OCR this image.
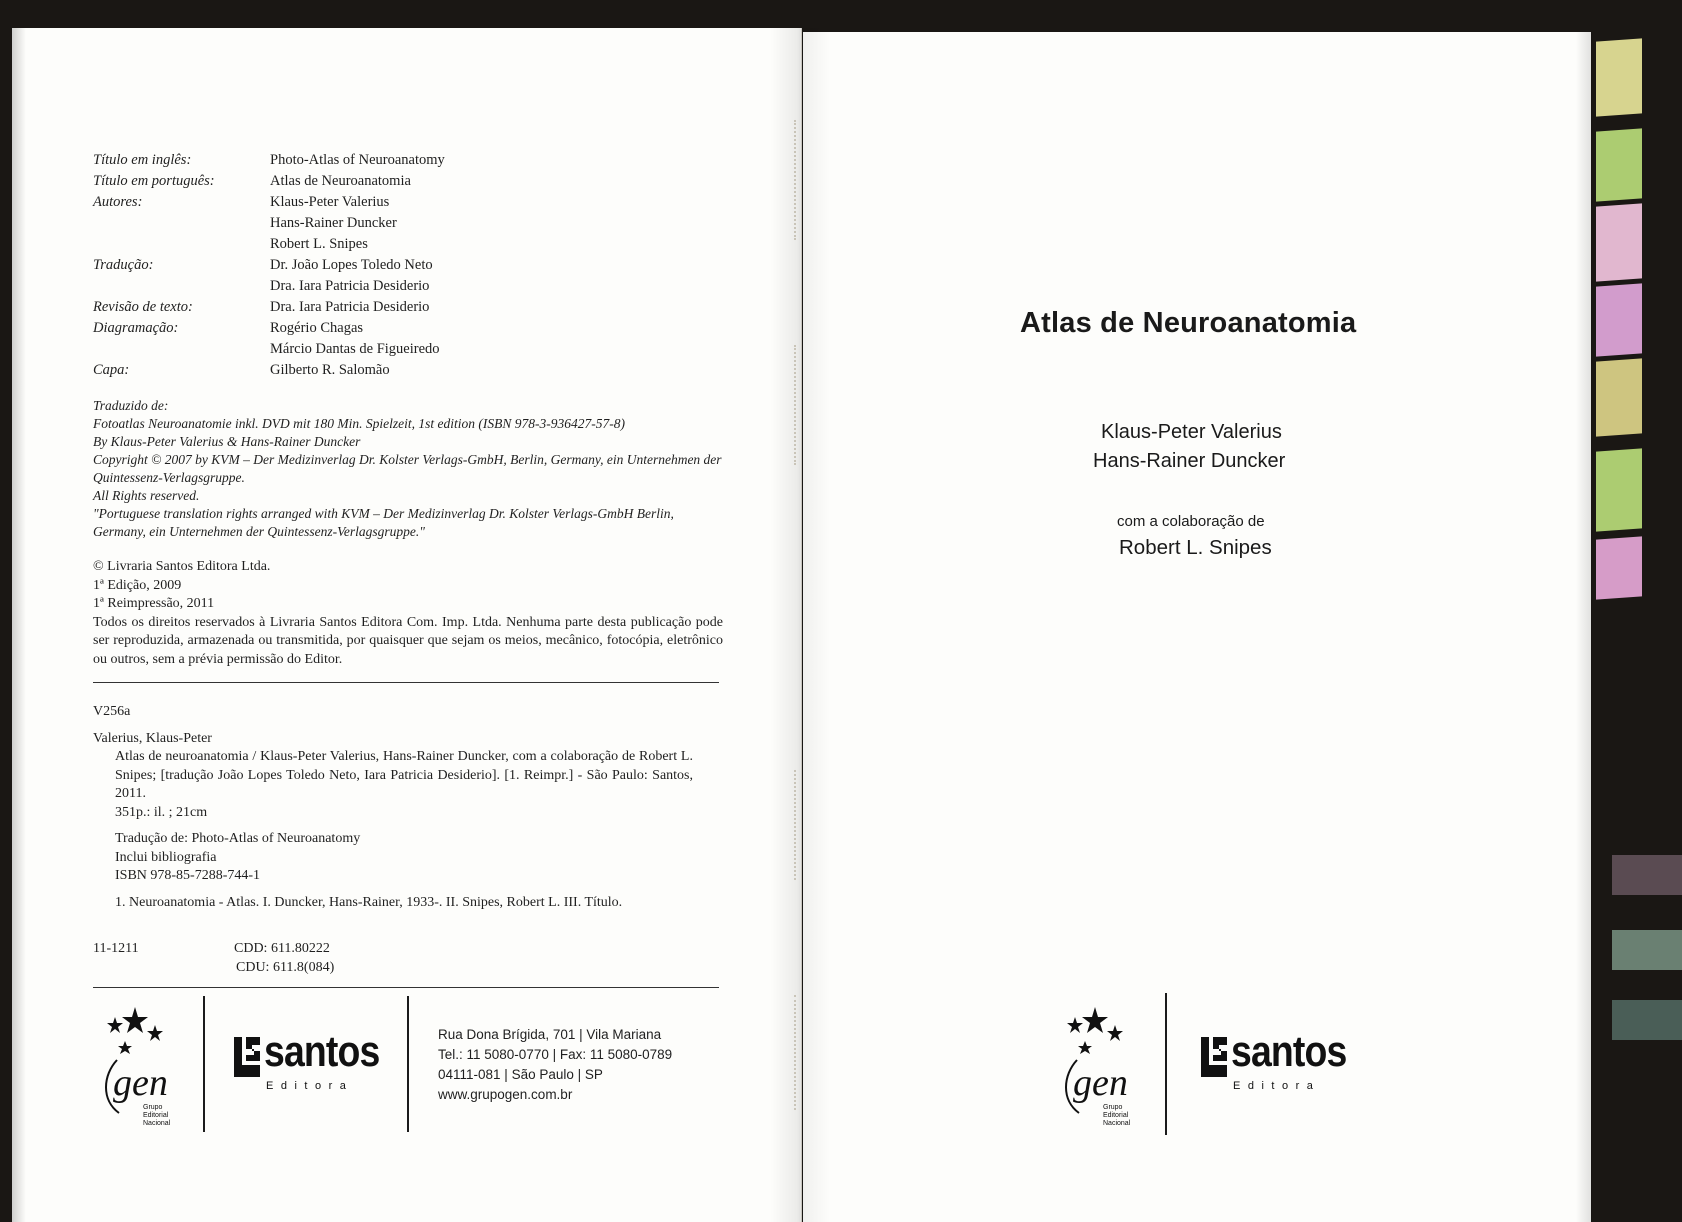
Título em inglês:	Photo-Atlas of Neuroanatomy
Título em português:	Atlas de Neuroanatomia
Autores:	Klaus-Peter Valerius
Hans-Rainer Duncker
Robert L. Snipes
Tradução:	Dr. João Lopes Toledo Neto
Dra. Iara Patricia Desiderio
Revisão de texto:	Dra. Iara Patricia Desiderio
Diagramação:	Rogério Chagas
Márcio Dantas de Figueiredo
Capa:	Gilberto R. Salomão
Traduzido de:
Fotoatlas Neuroanatomie inkl. DVD mit 180 Min. Spielzeit, 1st edition (ISBN 978-3-936427-57-8)
By Klaus-Peter Valerius & Hans-Rainer Duncker
Copyright © 2007 by KVM – Der Medizinverlag Dr. Kolster Verlags-GmbH, Berlin, Germany, ein Unternehmen der Quintessenz-Verlagsgruppe.
All Rights reserved.
"Portuguese translation rights arranged with KVM – Der Medizinverlag Dr. Kolster Verlags-GmbH Berlin, Germany, ein Unternehmen der Quintessenz-Verlagsgruppe."
© Livraria Santos Editora Ltda.
1ª Edição, 2009
1ª Reimpressão, 2011
Todos os direitos reservados à Livraria Santos Editora Com. Imp. Ltda. Nenhuma parte desta publicação pode ser reproduzida, armazenada ou transmitida, por quaisquer que sejam os meios, mecânico, fotocópia, eletrônico ou outros, sem a prévia permissão do Editor.
V256a
Valerius, Klaus-Peter
Atlas de neuroanatomia / Klaus-Peter Valerius, Hans-Rainer Duncker, com a colaboração de Robert L. Snipes; [tradução João Lopes Toledo Neto, Iara Patricia Desiderio]. [1. Reimpr.] - São Paulo: Santos, 2011.
351p.: il. ; 21cm
Tradução de: Photo-Atlas of Neuroanatomy
Inclui bibliografia
ISBN 978-85-7288-744-1
1. Neuroanatomia - Atlas. I. Duncker, Hans-Rainer, 1933-. II. Snipes, Robert L. III. Título.
11-1211	CDD: 611.80222
CDU: 611.8(084)
gen
Grupo
Editorial
Nacional
santos
Editora
Rua Dona Brígida, 701 | Vila Mariana
Tel.: 11 5080-0770 | Fax: 11 5080-0789
04111-081 | São Paulo | SP
www.grupogen.com.br
Atlas de Neuroanatomia
Klaus-Peter Valerius
Hans-Rainer Duncker
com a colaboração de
Robert L. Snipes
gen
Grupo
Editorial
Nacional
santos
Editora
